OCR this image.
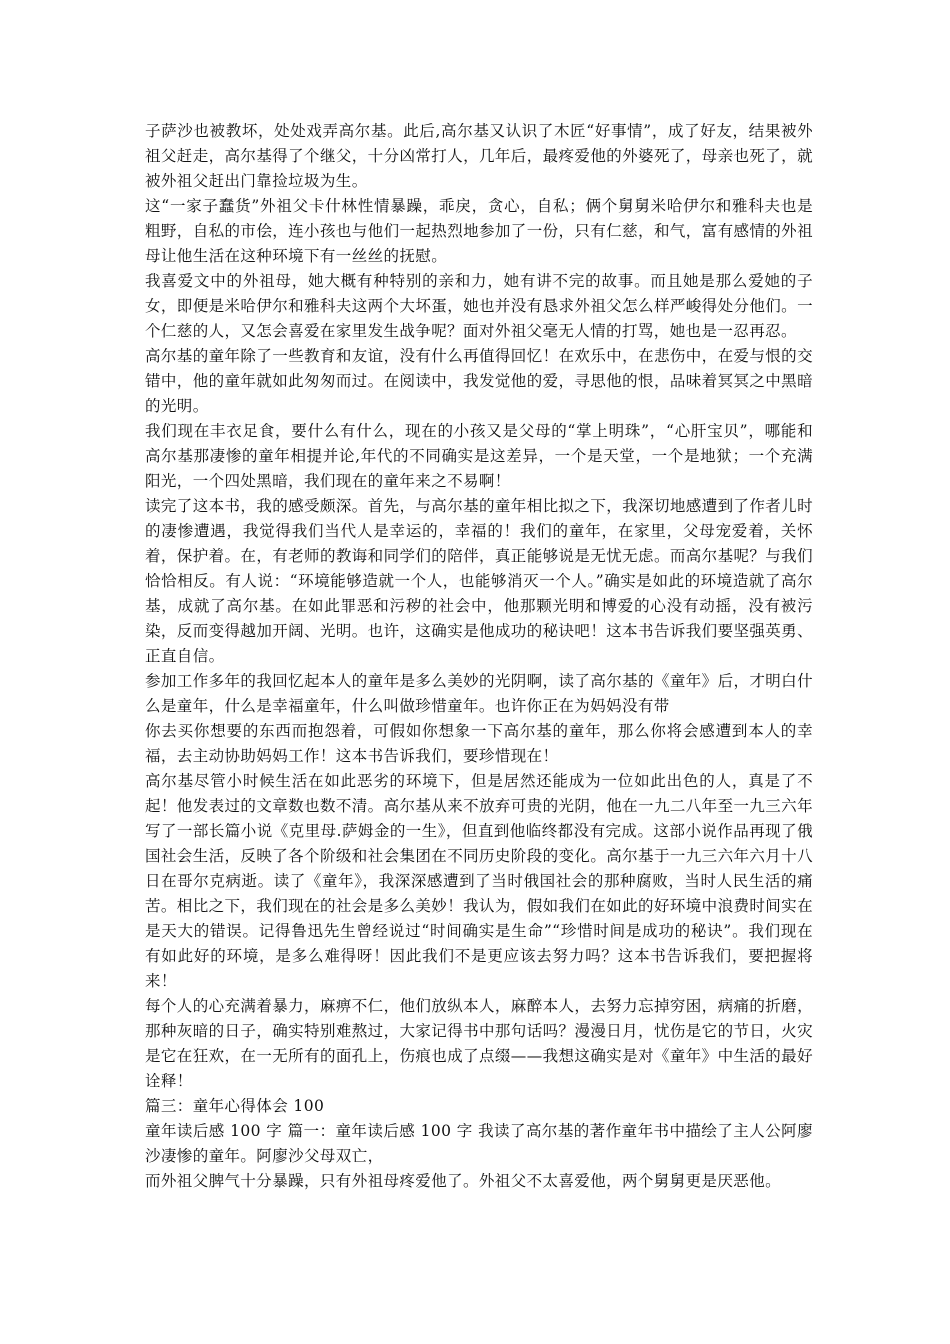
子萨沙也被教坏，处处戏弄高尔基。此后,高尔基又认识了木匠“好事情”，成了好友，结果被外祖父赶走，高尔基得了个继父，十分凶常打人，几年后，最疼爱他的外婆死了，母亲也死了，就被外祖父赶出门靠捡垃圾为生。

这“一家子蠢货”外祖父卡什林性情暴躁，乖戾，贪心，自私；俩个舅舅米哈伊尔和雅科夫也是粗野，自私的市侩，连小孩也与他们一起热烈地参加了一份，只有仁慈，和气，富有感情的外祖母让他生活在这种环境下有一丝丝的抚慰。

我喜爱文中的外祖母，她大概有种特别的亲和力，她有讲不完的故事。而且她是那么爱她的子女，即便是米哈伊尔和雅科夫这两个大坏蛋，她也并没有恳求外祖父怎么样严峻得处分他们。一个仁慈的人，又怎会喜爱在家里发生战争呢？面对外祖父毫无人情的打骂，她也是一忍再忍。

高尔基的童年除了一些教育和友谊，没有什么再值得回忆！在欢乐中，在悲伤中，在爱与恨的交错中，他的童年就如此匆匆而过。在阅读中，我发觉他的爱，寻思他的恨，品味着冥冥之中黑暗的光明。

我们现在丰衣足食，要什么有什么，现在的小孩又是父母的“掌上明珠”，“心肝宝贝”，哪能和高尔基那凄惨的童年相提并论,年代的不同确实是这差异，一个是天堂，一个是地狱；一个充满阳光，一个四处黑暗，我们现在的童年来之不易啊！

读完了这本书，我的感受颇深。首先，与高尔基的童年相比拟之下，我深切地感遭到了作者儿时的凄惨遭遇，我觉得我们当代人是幸运的，幸福的！我们的童年，在家里，父母宠爱着，关怀着，保护着。在，有老师的教诲和同学们的陪伴，真正能够说是无忧无虑。而高尔基呢？与我们恰恰相反。有人说：“环境能够造就一个人，也能够消灭一个人。”确实是如此的环境造就了高尔基，成就了高尔基。在如此罪恶和污秽的社会中，他那颗光明和博爱的心没有动摇，没有被污染，反而变得越加开阔、光明。也许，这确实是他成功的秘诀吧！这本书告诉我们要坚强英勇、正直自信。

参加工作多年的我回忆起本人的童年是多么美妙的光阴啊，读了高尔基的《童年》后，才明白什么是童年，什么是幸福童年，什么叫做珍惜童年。也许你正在为妈妈没有带

你去买你想要的东西而抱怨着，可假如你想象一下高尔基的童年，那么你将会感遭到本人的幸福，去主动协助妈妈工作！这本书告诉我们，要珍惜现在！

高尔基尽管小时候生活在如此恶劣的环境下，但是居然还能成为一位如此出色的人，真是了不起！他发表过的文章数也数不清。高尔基从来不放弃可贵的光阴，他在一九二八年至一九三六年写了一部长篇小说《克里母.萨姆金的一生》，但直到他临终都没有完成。这部小说作品再现了俄国社会生活，反映了各个阶级和社会集团在不同历史阶段的变化。高尔基于一九三六年六月十八日在哥尔克病逝。读了《童年》，我深深感遭到了当时俄国社会的那种腐败，当时人民生活的痛苦。相比之下，我们现在的社会是多么美妙！我认为，假如我们在如此的好环境中浪费时间实在是天大的错误。记得鲁迅先生曾经说过“时间确实是生命”“珍惜时间是成功的秘诀”。我们现在有如此好的环境，是多么难得呀！因此我们不是更应该去努力吗？这本书告诉我们，要把握将来！

每个人的心充满着暴力，麻痹不仁，他们放纵本人，麻醉本人，去努力忘掉穷困，病痛的折磨，那种灰暗的日子，确实特别难熬过，大家记得书中那句话吗？漫漫日月，忧伤是它的节日，火灾是它在狂欢，在一无所有的面孔上，伤痕也成了点缀——我想这确实是对《童年》中生活的最好诠释！

篇三：童年心得体会 100

童年读后感 100 字 篇一：童年读后感 100 字 我读了高尔基的著作童年书中描绘了主人公阿廖沙凄惨的童年。阿廖沙父母双亡，

而外祖父脾气十分暴躁，只有外祖母疼爱他了。外祖父不太喜爱他，两个舅舅更是厌恶他。
